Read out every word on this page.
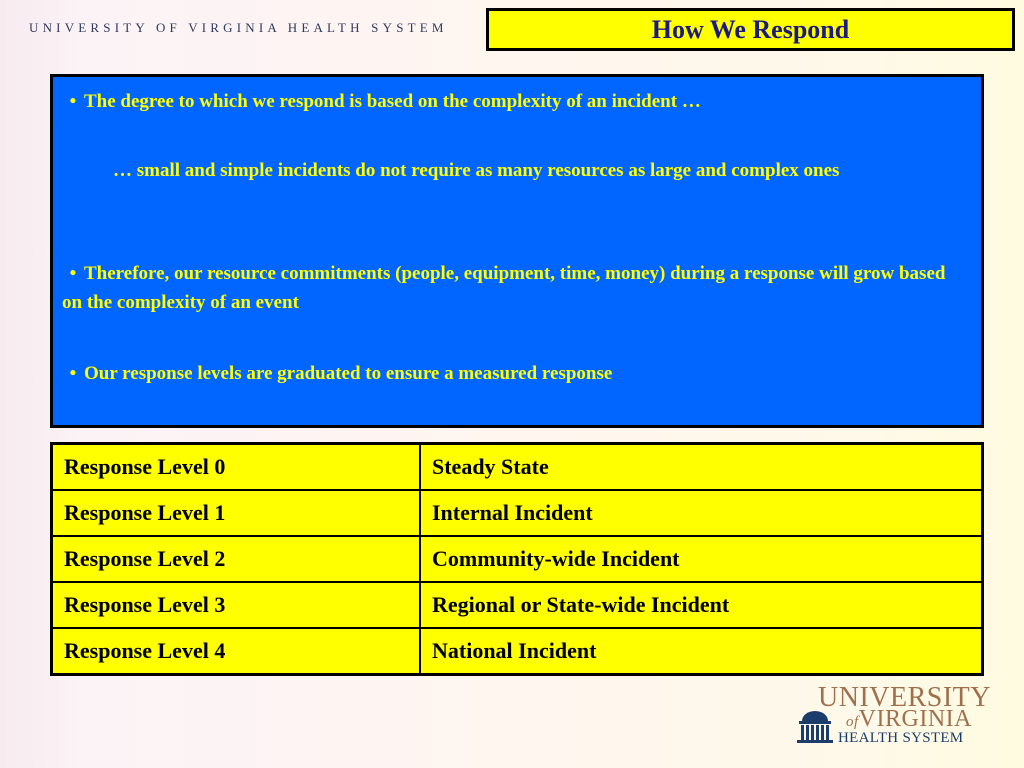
UNIVERSITY OF VIRGINIA HEALTH SYSTEM	How We Respond
• The degree to which we respond is based on the complexity of an incident …
… small and simple incidents do not require as many resources as large and complex ones
• Therefore, our resource commitments (people, equipment, time, money) during a response will grow based on the complexity of an event
• Our response levels are graduated to ensure a measured response
Response Level 0	Steady State
Response Level 1	Internal Incident
Response Level 2	Community-wide Incident
Response Level 3	Regional or State-wide Incident
Response Level 4	National Incident
UNIVERSITY
ofVIRGINIA
HEALTH SYSTEM
